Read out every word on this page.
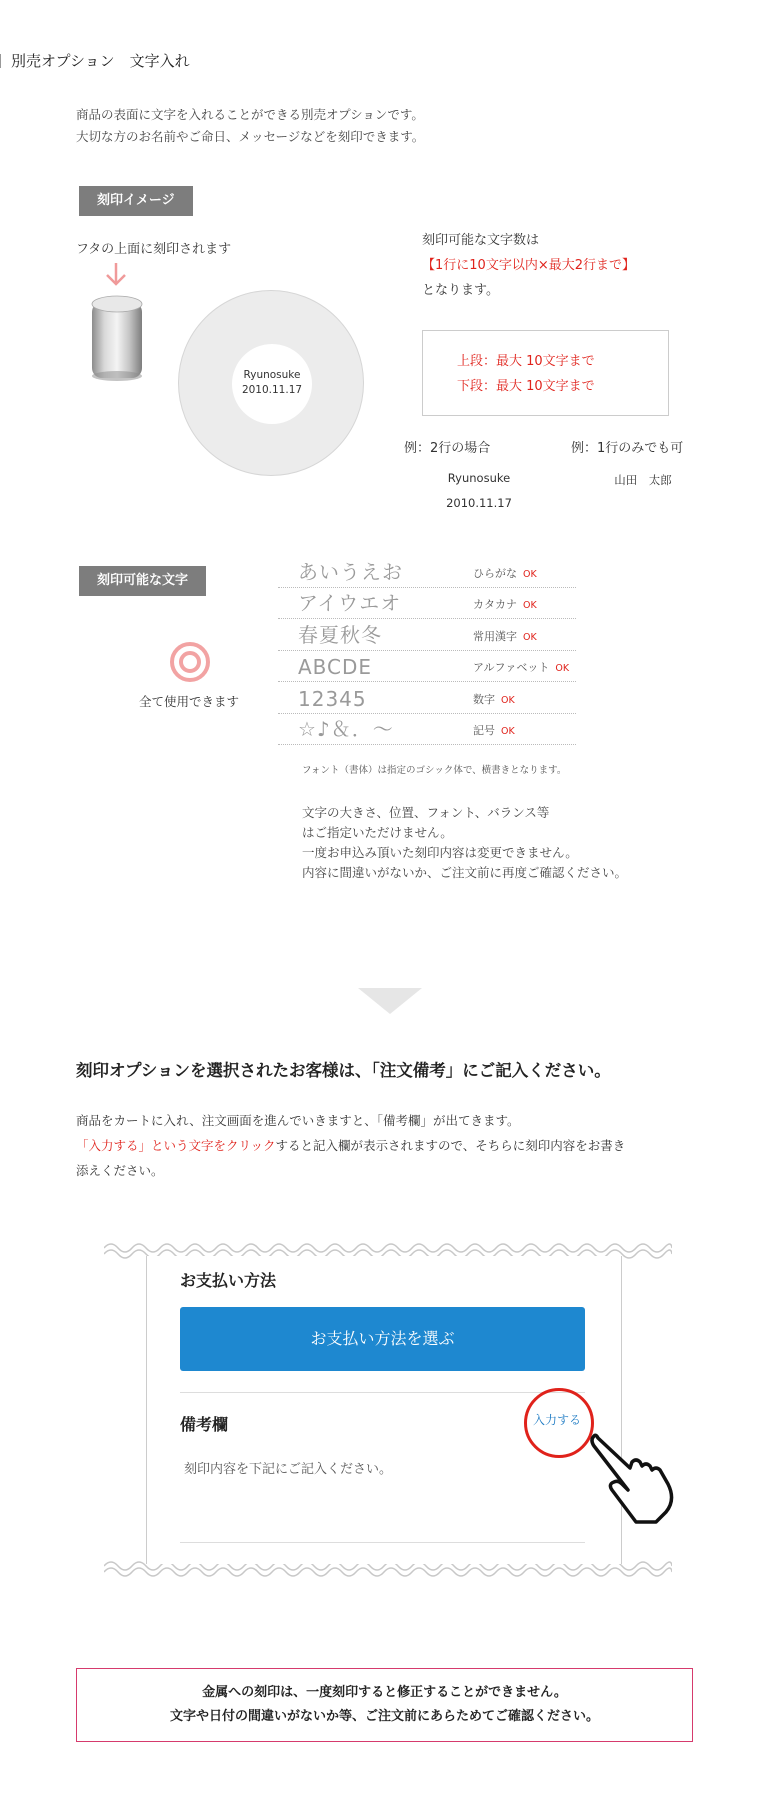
別売オプション　文字入れ
商品の表面に文字を入れることができる別売オプションです。
大切な方のお名前やご命日、メッセージなどを刻印できます。
刻印イメージ
フタの上面に刻印されます
Ryunosuke
2010.11.17
刻印可能な文字数は
【1行に10文字以内×最大2行まで】
となります。
上段：最大 10文字まで
下段：最大 10文字まで
例：2行の場合
Ryunosuke
2010.11.17
例：1行のみでも可
山田　太郎
刻印可能な文字
全て使用できます
あいうえお	ひらがな OK
アイウエオ	カタカナ OK
春夏秋冬	常用漢字 OK
ABCDE	アルファベット OK
12345	数字 OK
☆♪＆．～	記号 OK
フォント（書体）は指定のゴシック体で、横書きとなります。
文字の大きさ、位置、フォント、バランス等
はご指定いただけません。
一度お申込み頂いた刻印内容は変更できません。
内容に間違いがないか、ご注文前に再度ご確認ください。
刻印オプションを選択されたお客様は、「注文備考」にご記入ください。
商品をカートに入れ、注文画面を進んでいきますと、「備考欄」が出てきます。
「入力する」という文字をクリックすると記入欄が表示されますので、そちらに刻印内容をお書き
添えください。
お支払い方法
お支払い方法を選ぶ
備考欄	入力する
刻印内容を下記にご記入ください。
金属への刻印は、一度刻印すると修正することができません。
文字や日付の間違いがないか等、ご注文前にあらためてご確認ください。
